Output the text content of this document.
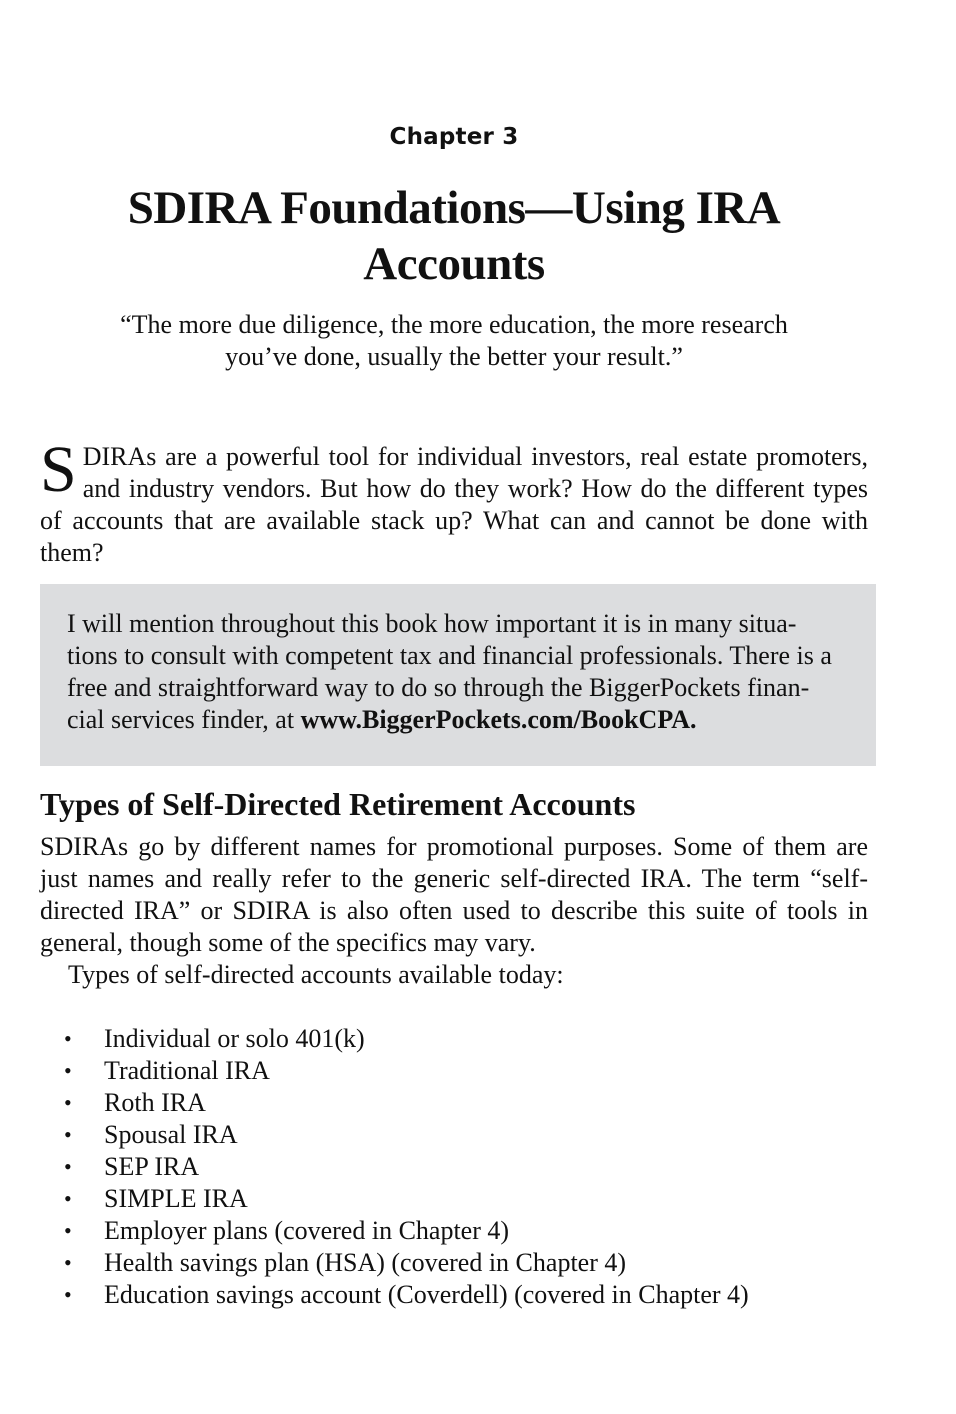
Chapter 3
SDIRA Foundations—Using IRA Accounts
“The more due diligence, the more education, the more research
you’ve done, usually the better your result.”
S DIRAs are a powerful tool for individual investors, real estate promoters, and industry vendors. But how do they work? How do the different types of accounts that are available stack up? What can and cannot be done with them?
I will mention throughout this book how important it is in many situa-
tions to consult with competent tax and financial professionals. There is a
free and straightforward way to do so through the BiggerPockets finan-
cial services finder, at www.BiggerPockets.com/BookCPA.
Types of Self-Directed Retirement Accounts

SDIRAs go by different names for promotional purposes. Some of them are just names and really refer to the generic self-directed IRA. The term “self-directed IRA” or SDIRA is also often used to describe this suite of tools in general, though some of the specifics may vary.

Types of self-directed accounts available today:
• Individual or solo 401(k)
• Traditional IRA
• Roth IRA
• Spousal IRA
• SEP IRA
• SIMPLE IRA
• Employer plans (covered in Chapter 4)
• Health savings plan (HSA) (covered in Chapter 4)
• Education savings account (Coverdell) (covered in Chapter 4)
